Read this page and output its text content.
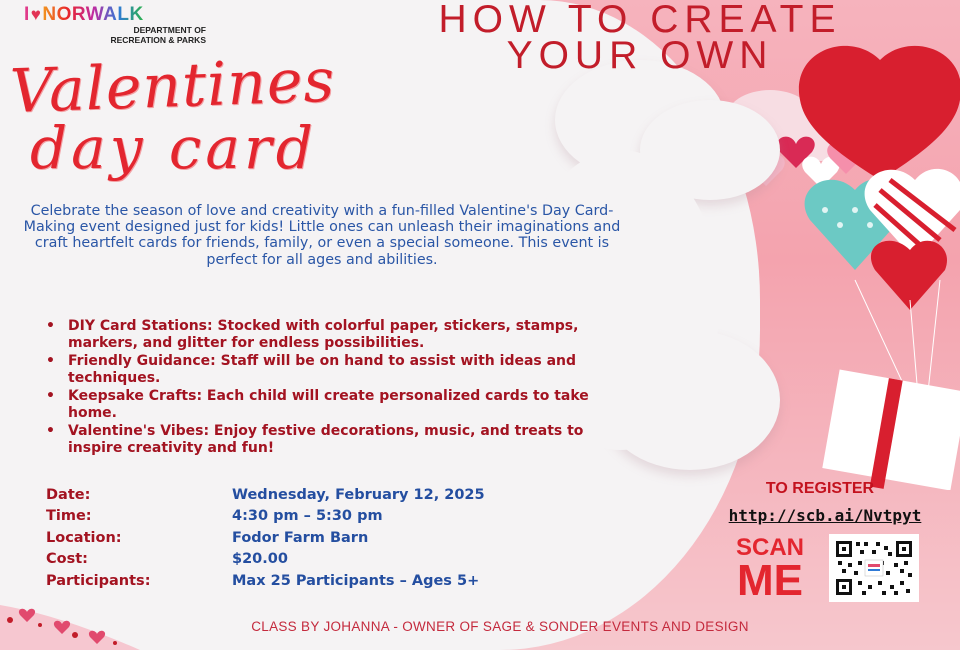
I ♥ NORWALK
DEPARTMENT OF
RECREATION & PARKS	HOW TO CREATE
YOUR OWN
Valentines
day card
Celebrate the season of love and creativity with a fun-filled Valentine's Day Card-Making event designed just for kids! Little ones can unleash their imaginations and craft heartfelt cards for friends, family, or even a special someone. This event is perfect for all ages and abilities.
• DIY Card Stations: Stocked with colorful paper, stickers, stamps, markers, and glitter for endless possibilities.
• Friendly Guidance: Staff will be on hand to assist with ideas and techniques.
• Keepsake Crafts: Each child will create personalized cards to take home.
• Valentine's Vibes: Enjoy festive decorations, music, and treats to inspire creativity and fun!
Date:	Wednesday, February 12, 2025
Time:	4:30 pm – 5:30 pm
Location:	Fodor Farm Barn
Cost:	$20.00
Participants:	Max 25 Participants – Ages 5+
TO REGISTER
http://scb.ai/Nvtpyt
SCAN
ME
CLASS BY JOHANNA - OWNER OF SAGE & SONDER EVENTS AND DESIGN
